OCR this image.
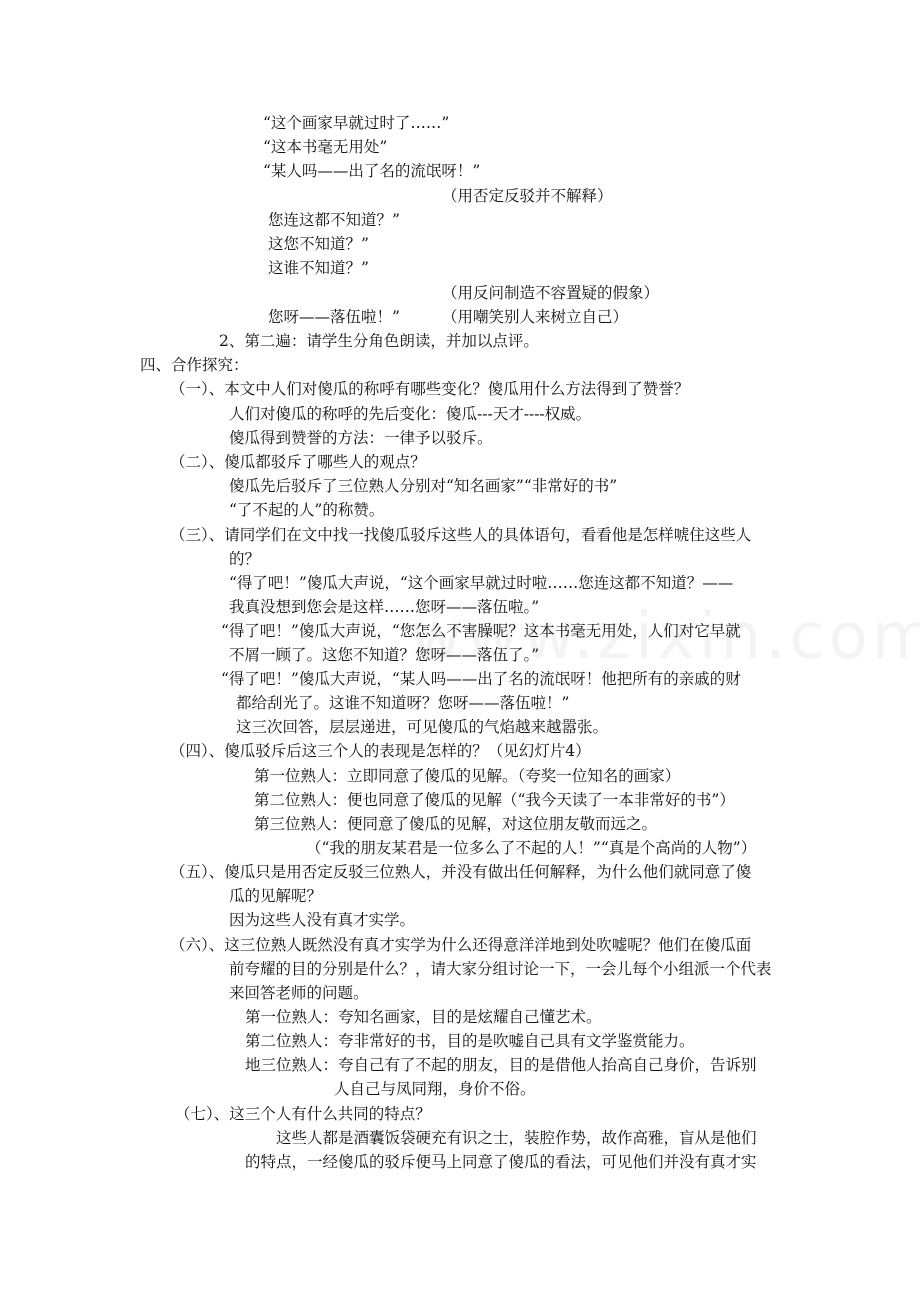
“这个画家早就过时了……”
“这本书毫无用处”
“某人吗——出了名的流氓呀！”
（用否定反驳并不解释）
您连这都不知道？”
这您不知道？”
这谁不知道？”
（用反问制造不容置疑的假象）
您呀——落伍啦！”	（用嘲笑别人来树立自己）
2、第二遍：请学生分角色朗读，并加以点评。
四、合作探究：
（一）、本文中人们对傻瓜的称呼有哪些变化？傻瓜用什么方法得到了赞誉？
人们对傻瓜的称呼的先后变化：傻瓜---天才----权威。
傻瓜得到赞誉的方法：一律予以驳斥。
（二）、傻瓜都驳斥了哪些人的观点？
傻瓜先后驳斥了三位熟人分别对“知名画家”“非常好的书”
“了不起的人”的称赞。
（三）、请同学们在文中找一找傻瓜驳斥这些人的具体语句，看看他是怎样唬住这些人
的？
“得了吧！”傻瓜大声说，“这个画家早就过时啦……您连这都不知道？——
我真没想到您会是这样……您呀——落伍啦。”
“得了吧！”傻瓜大声说，“您怎么不害臊呢？这本书毫无用处，人们对它早就
不屑一顾了。这您不知道？您呀——落伍了。”
“得了吧！”傻瓜大声说，“某人吗——出了名的流氓呀！他把所有的亲戚的财
都给刮光了。这谁不知道呀？您呀——落伍啦！”
这三次回答，层层递进，可见傻瓜的气焰越来越嚣张。
（四）、傻瓜驳斥后这三个人的表现是怎样的？（见幻灯片4）
第一位熟人：立即同意了傻瓜的见解。（夸奖一位知名的画家）
第二位熟人：便也同意了傻瓜的见解（“我今天读了一本非常好的书”）
第三位熟人：便同意了傻瓜的见解，对这位朋友敬而远之。
（“我的朋友某君是一位多么了不起的人！”“真是个高尚的人物”）
（五）、傻瓜只是用否定反驳三位熟人，并没有做出任何解释，为什么他们就同意了傻
瓜的见解呢？
因为这些人没有真才实学。
（六）、这三位熟人既然没有真才实学为什么还得意洋洋地到处吹嘘呢？他们在傻瓜面
前夸耀的目的分别是什么？，请大家分组讨论一下，一会儿每个小组派一个代表
来回答老师的问题。
第一位熟人：夸知名画家，目的是炫耀自己懂艺术。
第二位熟人：夸非常好的书，目的是吹嘘自己具有文学鉴赏能力。
地三位熟人：夸自己有了不起的朋友，目的是借他人抬高自己身价，告诉别
人自己与凤同翔，身价不俗。
（七）、这三个人有什么共同的特点？
这些人都是酒囊饭袋硬充有识之士，装腔作势，故作高雅，盲从是他们
的特点，一经傻瓜的驳斥便马上同意了傻瓜的看法，可见他们并没有真才实
